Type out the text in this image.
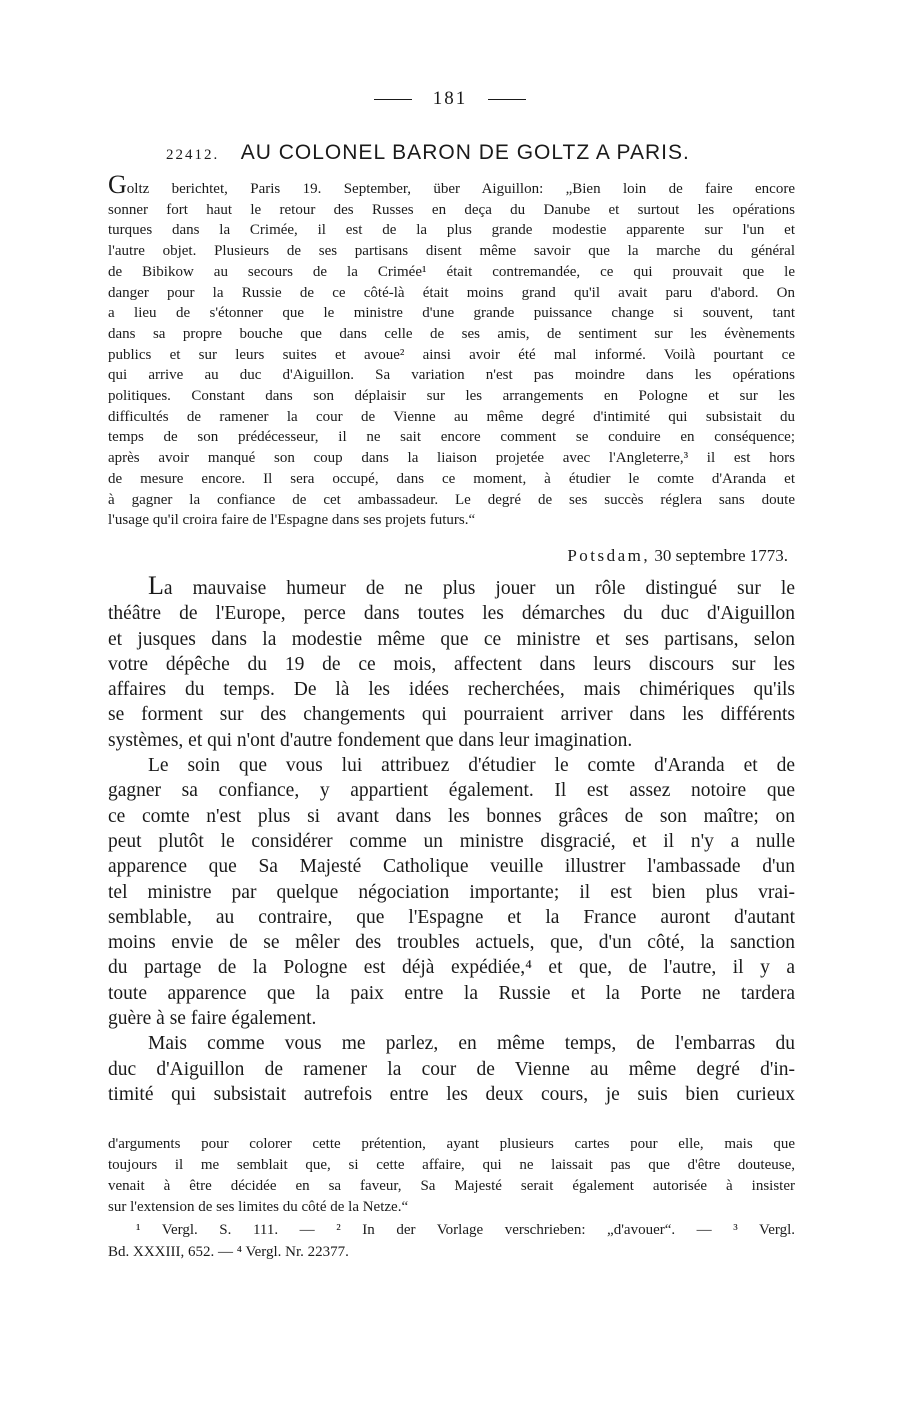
181
22412. AU COLONEL BARON DE GOLTZ A PARIS.
Goltz berichtet, Paris 19. September, über Aiguillon: „Bien loin de faire encore
sonner fort haut le retour des Russes en deça du Danube et surtout les opérations
turques dans la Crimée, il est de la plus grande modestie apparente sur l'un et
l'autre objet. Plusieurs de ses partisans disent même savoir que la marche du général
de Bibikow au secours de la Crimée¹ était contremandée, ce qui prouvait que le
danger pour la Russie de ce côté-là était moins grand qu'il avait paru d'abord. On
a lieu de s'étonner que le ministre d'une grande puissance change si souvent, tant
dans sa propre bouche que dans celle de ses amis, de sentiment sur les évènements
publics et sur leurs suites et avoue² ainsi avoir été mal informé. Voilà pourtant ce
qui arrive au duc d'Aiguillon. Sa variation n'est pas moindre dans les opérations
politiques. Constant dans son déplaisir sur les arrangements en Pologne et sur les
difficultés de ramener la cour de Vienne au même degré d'intimité qui subsistait du
temps de son prédécesseur, il ne sait encore comment se conduire en conséquence;
après avoir manqué son coup dans la liaison projetée avec l'Angleterre,³ il est hors
de mesure encore. Il sera occupé, dans ce moment, à étudier le comte d'Aranda et
à gagner la confiance de cet ambassadeur. Le degré de ses succès réglera sans doute
l'usage qu'il croira faire de l'Espagne dans ses projets futurs.“
Potsdam, 30 septembre 1773.
La mauvaise humeur de ne plus jouer un rôle distingué sur le
théâtre de l'Europe, perce dans toutes les démarches du duc d'Aiguillon
et jusques dans la modestie même que ce ministre et ses partisans, selon
votre dépêche du 19 de ce mois, affectent dans leurs discours sur les
affaires du temps. De là les idées recherchées, mais chimériques qu'ils
se forment sur des changements qui pourraient arriver dans les différents
systèmes, et qui n'ont d'autre fondement que dans leur imagination.
Le soin que vous lui attribuez d'étudier le comte d'Aranda et de
gagner sa confiance, y appartient également. Il est assez notoire que
ce comte n'est plus si avant dans les bonnes grâces de son maître; on
peut plutôt le considérer comme un ministre disgracié, et il n'y a nulle
apparence que Sa Majesté Catholique veuille illustrer l'ambassade d'un
tel ministre par quelque négociation importante; il est bien plus vrai-
semblable, au contraire, que l'Espagne et la France auront d'autant
moins envie de se mêler des troubles actuels, que, d'un côté, la sanction
du partage de la Pologne est déjà expédiée,⁴ et que, de l'autre, il y a
toute apparence que la paix entre la Russie et la Porte ne tardera
guère à se faire également.
Mais comme vous me parlez, en même temps, de l'embarras du
duc d'Aiguillon de ramener la cour de Vienne au même degré d'in-
timité qui subsistait autrefois entre les deux cours, je suis bien curieux
d'arguments pour colorer cette prétention, ayant plusieurs cartes pour elle, mais que
toujours il me semblait que, si cette affaire, qui ne laissait pas que d'être douteuse,
venait à être décidée en sa faveur, Sa Majesté serait également autorisée à insister
sur l'extension de ses limites du côté de la Netze.“
¹ Vergl. S. 111. — ² In der Vorlage verschrieben: „d'avouer“. — ³ Vergl.
Bd. XXXIII, 652. — ⁴ Vergl. Nr. 22377.
